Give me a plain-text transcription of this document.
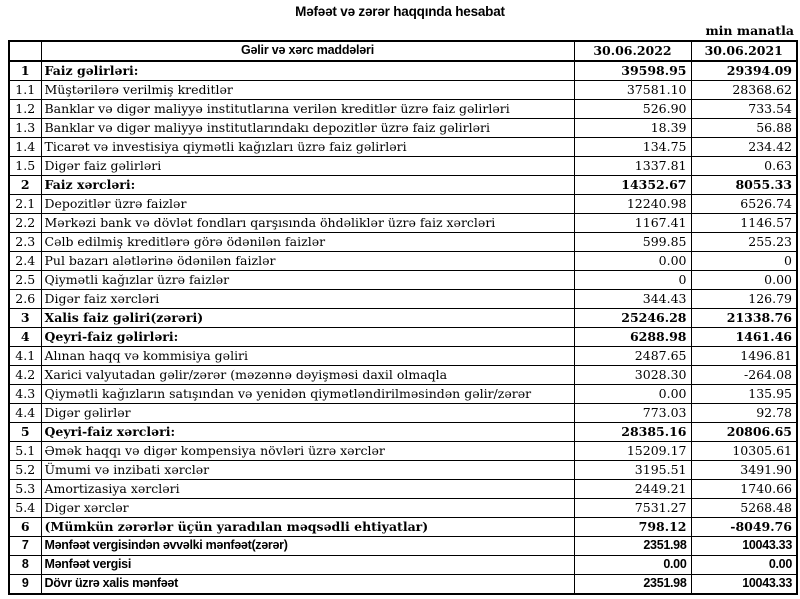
Məfəət və zərər haqqında hesabat
min manatla
	Gəlir və xərc maddələri	30.06.2022	30.06.2021
1	Faiz gəlirləri:	39598.95	29394.09
1.1	Müştərilərə verilmiş kreditlər	37581.10	28368.62
1.2	Banklar və digər maliyyə institutlarına verilən kreditlər üzrə faiz gəlirləri	526.90	733.54
1.3	Banklar və digər maliyyə institutlarındakı depozitlər üzrə faiz gəlirləri	18.39	56.88
1.4	Ticarət və investisiya qiymətli kağızları üzrə faiz gəlirləri	134.75	234.42
1.5	Digər faiz gəlirləri	1337.81	0.63
2	Faiz xərcləri:	14352.67	8055.33
2.1	Depozitlər üzrə faizlər	12240.98	6526.74
2.2	Mərkəzi bank və dövlət fondları qarşısında öhdəliklər üzrə faiz xərcləri	1167.41	1146.57
2.3	Cəlb edilmiş kreditlərə görə ödənilən faizlər	599.85	255.23
2.4	Pul bazarı alətlərinə ödənilən faizlər	0.00	0
2.5	Qiymətli kağızlar üzrə faizlər	0	0.00
2.6	Digər faiz xərcləri	344.43	126.79
3	Xalis faiz gəliri(zərəri)	25246.28	21338.76
4	Qeyri-faiz gəlirləri:	6288.98	1461.46
4.1	Alınan haqq və kommisiya gəliri	2487.65	1496.81
4.2	Xarici valyutadan gəlir/zərər (məzənnə dəyişməsi daxil olmaqla	3028.30	-264.08
4.3	Qiymətli kağızların satışından və yenidən qiymətləndirilməsindən gəlir/zərər	0.00	135.95
4.4	Digər gəlirlər	773.03	92.78
5	Qeyri-faiz xərcləri:	28385.16	20806.65
5.1	Əmək haqqı və digər kompensiya növləri üzrə xərclər	15209.17	10305.61
5.2	Ümumi və inzibati xərclər	3195.51	3491.90
5.3	Amortizasiya xərcləri	2449.21	1740.66
5.4	Digər xərclər	7531.27	5268.48
6	(Mümkün zərərlər üçün yaradılan məqsədli ehtiyatlar)	798.12	-8049.76
7	Mənfəət vergisindən əvvəlki mənfəət(zərər)	2351.98	10043.33
8	Mənfəət vergisi	0.00	0.00
9	Dövr üzrə xalis mənfəət	2351.98	10043.33
